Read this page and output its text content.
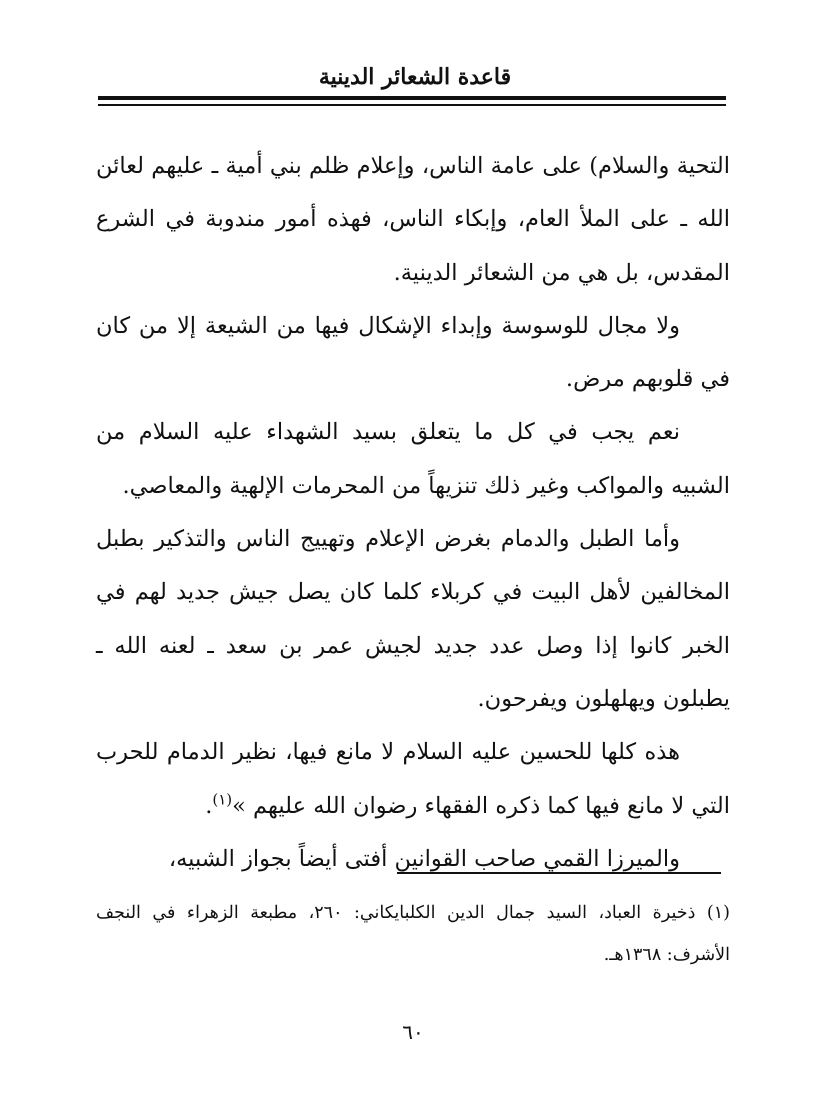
قاعدة الشعائر الدينية

التحية والسلام) على عامة الناس، وإعلام ظلم بني أمية ـ عليهم لعائن الله ـ على الملأ العام، وإبكاء الناس، فهذه أمور مندوبة في الشرع المقدس، بل هي من الشعائر الدينية.

ولا مجال للوسوسة وإبداء الإشكال فيها من الشيعة إلا من كان في قلوبهم مرض.

نعم يجب في كل ما يتعلق بسيد الشهداء عليه السلام من الشبيه والمواكب وغير ذلك تنزيهاً من المحرمات الإلهية والمعاصي.

وأما الطبل والدمام بغرض الإعلام وتهييج الناس والتذكير بطبل المخالفين لأهل البيت في كربلاء كلما كان يصل جيش جديد لهم في الخبر كانوا إذا وصل عدد جديد لجيش عمر بن سعد ـ لعنه الله ـ يطبلون ويهلهلون ويفرحون.

هذه كلها للحسين عليه السلام لا مانع فيها، نظير الدمام للحرب التي لا مانع فيها كما ذكره الفقهاء رضوان الله عليهم »$^{(١)}$.

والميرزا القمي صاحب القوانين أفتى أيضاً بجواز الشبيه،

(١) ذخيرة العباد، السيد جمال الدين الكلبايكاني: ٢٦٠، مطبعة الزهراء في النجف الأشرف: ١٣٦٨هـ.
٦٠
